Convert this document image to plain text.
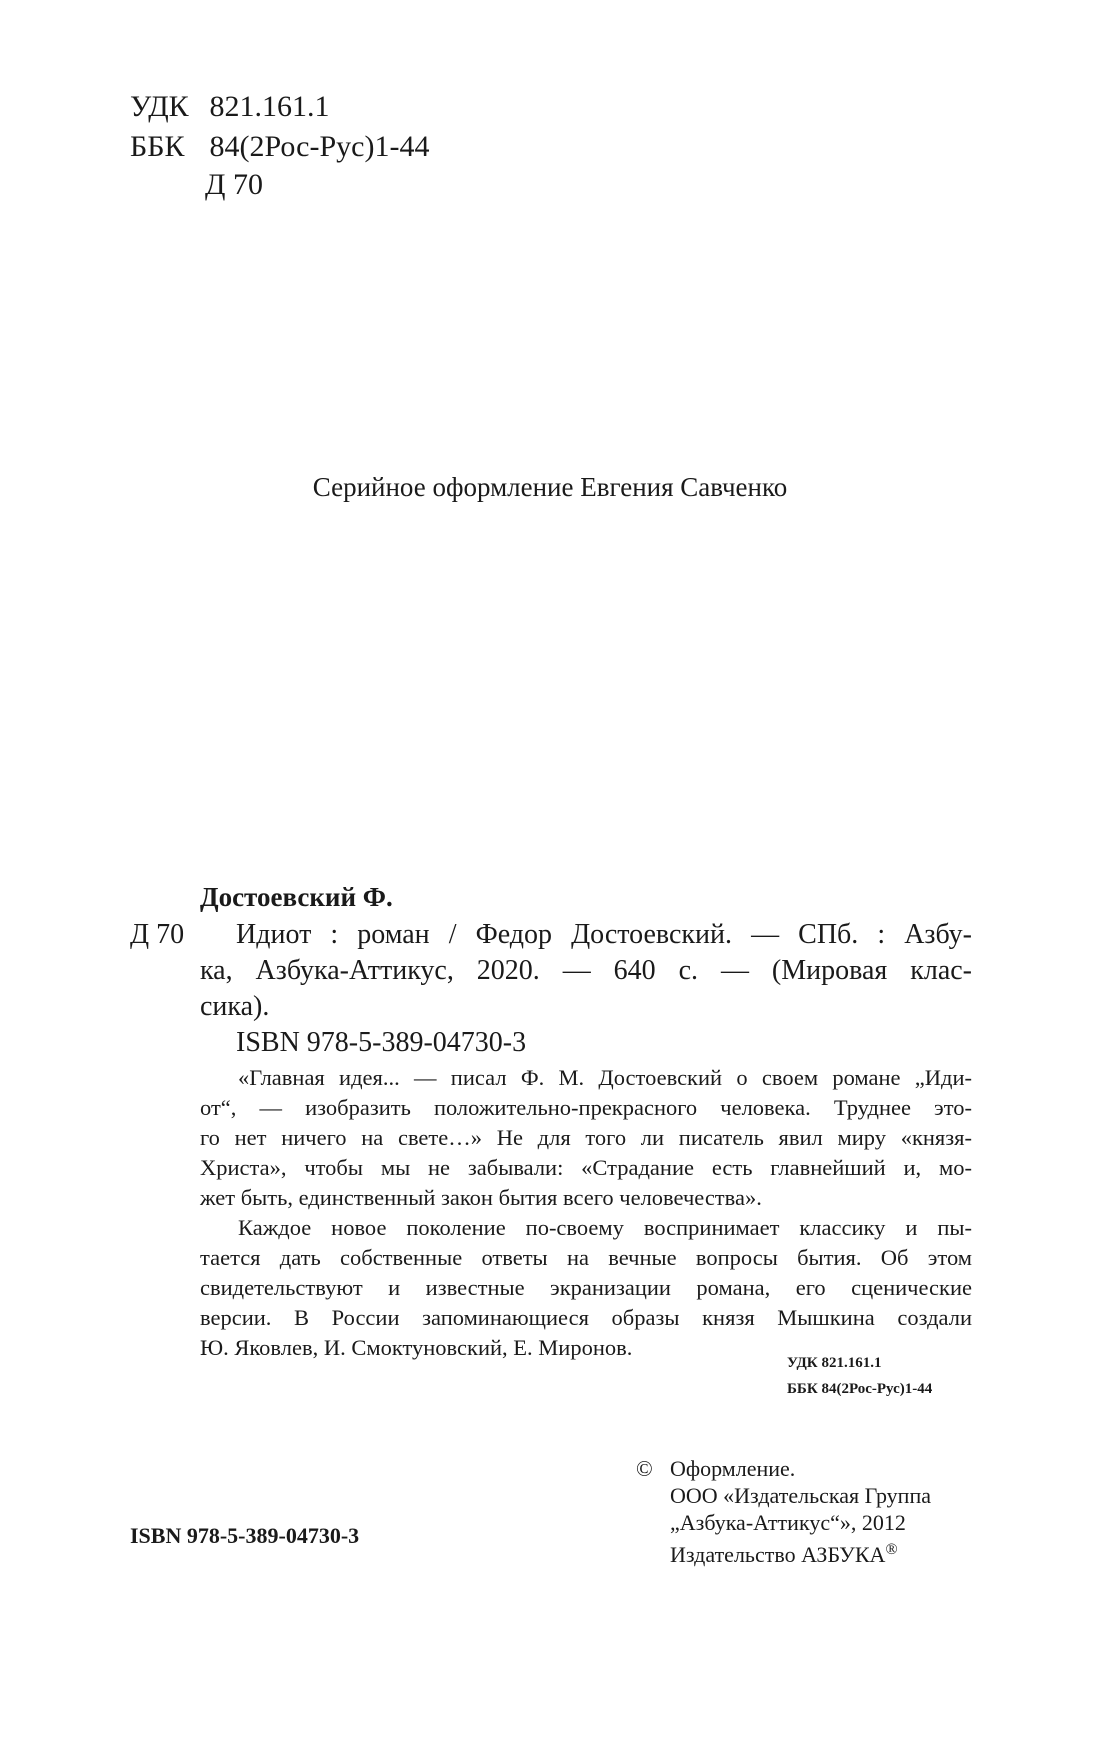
УДК 821.161.1
ББК 84(2Рос-Рус)1-44
Д 70
Серийное оформление Евгения Савченко
Достоевский Ф.
Д 70 Идиот : роман / Федор Достоевский. — СПб. : Азбу-
ка, Азбука-Аттикус, 2020. — 640 с. — (Мировая клас-
сика).
ISBN 978-5-389-04730-3
«Главная идея... — писал Ф. М. Достоевский о своем романе „Иди-
от“, — изобразить положительно-прекрасного человека. Труднее это-
го нет ничего на свете…» Не для того ли писатель явил миру «князя-
Христа», чтобы мы не забывали: «Страдание есть главнейший и, мо-
жет быть, единственный закон бытия всего человечества».
Каждое новое поколение по-своему воспринимает классику и пы-
тается дать собственные ответы на вечные вопросы бытия. Об этом
свидетельствуют и известные экранизации романа, его сценические
версии. В России запоминающиеся образы князя Мышкина создали
Ю. Яковлев, И. Смоктуновский, Е. Миронов.
УДК 821.161.1
ББК 84(2Рос-Рус)1-44
© Оформление.
ООО «Издательская Группа
„Азбука-Аттикус“», 2012
Издательство АЗБУКА®
ISBN 978-5-389-04730-3
